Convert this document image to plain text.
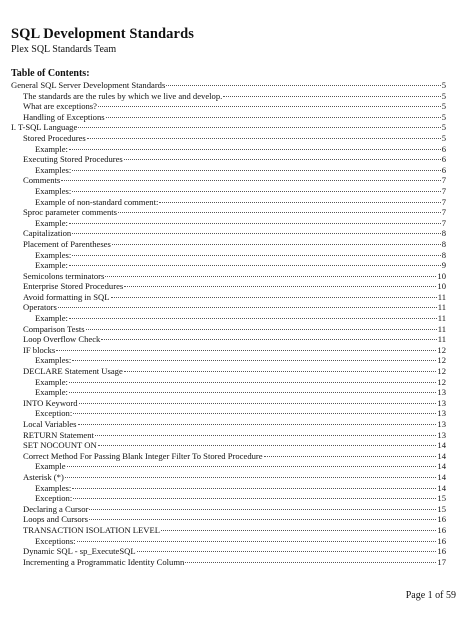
SQL Development Standards
Plex SQL Standards Team
Table of Contents:
General SQL Server Development Standards	5
The standards are the rules by which we live and develop.	5
What are exceptions?	5
Handling of Exceptions	5
I. T-SQL Language	5
Stored Procedures	5
Example:	6
Executing Stored Procedures	6
Examples:	6
Comments	7
Examples:	7
Example of non-standard comment:	7
Sproc parameter comments	7
Example:	7
Capitalization	8
Placement of Parentheses	8
Examples:	8
Example:	9
Semicolons terminators	10
Enterprise Stored Procedures	10
Avoid formatting in SQL	11
Operators	11
Example:	11
Comparison Tests	11
Loop Overflow Check	11
IF blocks	12
Examples:	12
DECLARE Statement Usage	12
Example:	12
Example:	13
INTO Keyword	13
Exception:	13
Local Variables	13
RETURN Statement	13
SET NOCOUNT ON	14
Correct Method For Passing Blank Integer Filter To Stored Procedure	14
Example	14
Asterisk (*)	14
Examples:	14
Exception:	15
Declaring a Cursor	15
Loops and Cursors	16
TRANSACTION ISOLATION LEVEL	16
Exceptions:	16
Dynamic SQL - sp_ExecuteSQL	16
Incrementing a Programmatic Identity Column	17
Page 1 of 59
